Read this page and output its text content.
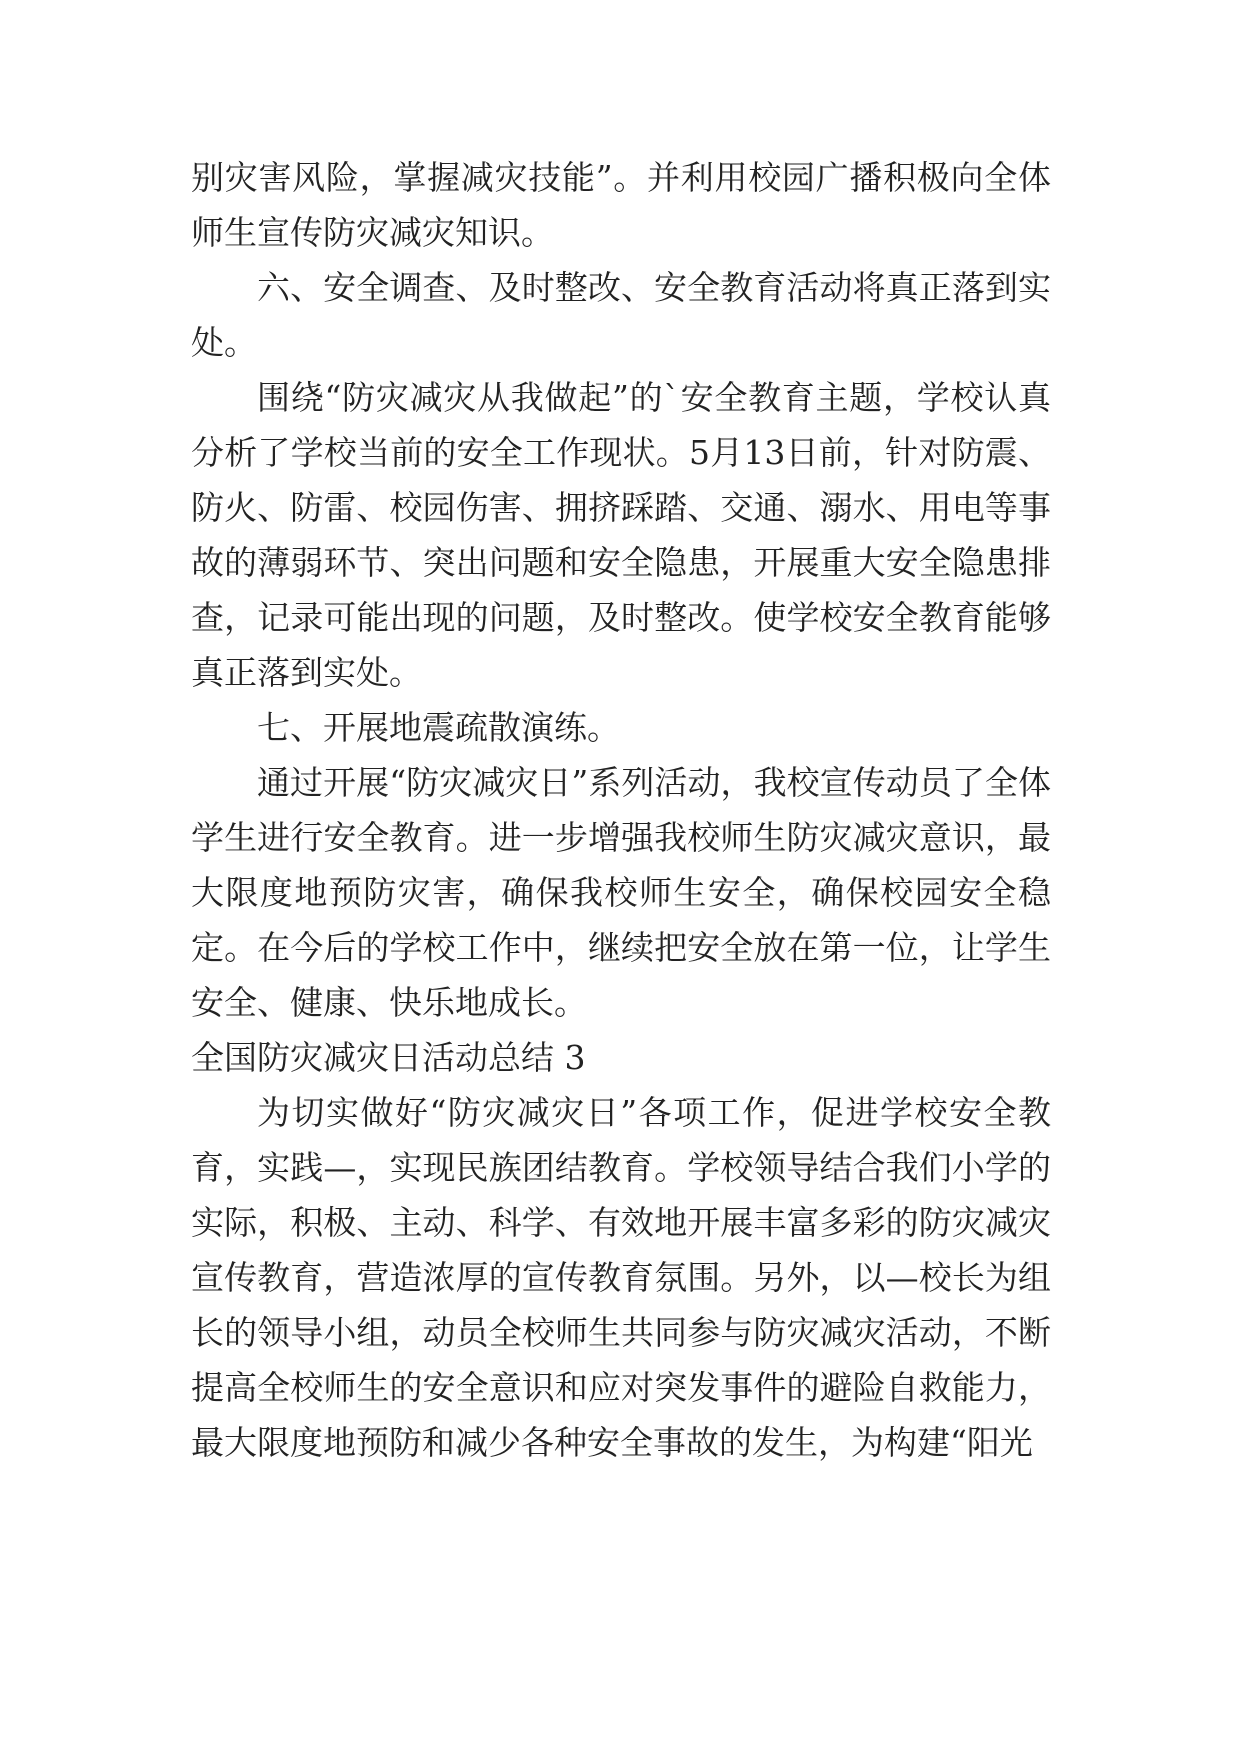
别灾害风险，掌握减灾技能”。并利用校园广播积极向全体师生宣传防灾减灾知识。

六、安全调查、及时整改、安全教育活动将真正落到实处。

围绕“防灾减灾从我做起”的`安全教育主题，学校认真分析了学校当前的安全工作现状。5月13日前，针对防震、防火、防雷、校园伤害、拥挤踩踏、交通、溺水、用电等事故的薄弱环节、突出问题和安全隐患，开展重大安全隐患排查，记录可能出现的问题，及时整改。使学校安全教育能够真正落到实处。

七、开展地震疏散演练。

通过开展“防灾减灾日”系列活动，我校宣传动员了全体学生进行安全教育。进一步增强我校师生防灾减灾意识，最大限度地预防灾害，确保我校师生安全，确保校园安全稳定。在今后的学校工作中，继续把安全放在第一位，让学生安全、健康、快乐地成长。

全国防灾减灾日活动总结 3

为切实做好“防灾减灾日”各项工作，促进学校安全教育，实践—，实现民族团结教育。学校领导结合我们小学的实际，积极、主动、科学、有效地开展丰富多彩的防灾减灾宣传教育，营造浓厚的宣传教育氛围。另外，以—校长为组长的领导小组，动员全校师生共同参与防灾减灾活动，不断提高全校师生的安全意识和应对突发事件的避险自救能力，最大限度地预防和减少各种安全事故的发生，为构建“阳光
